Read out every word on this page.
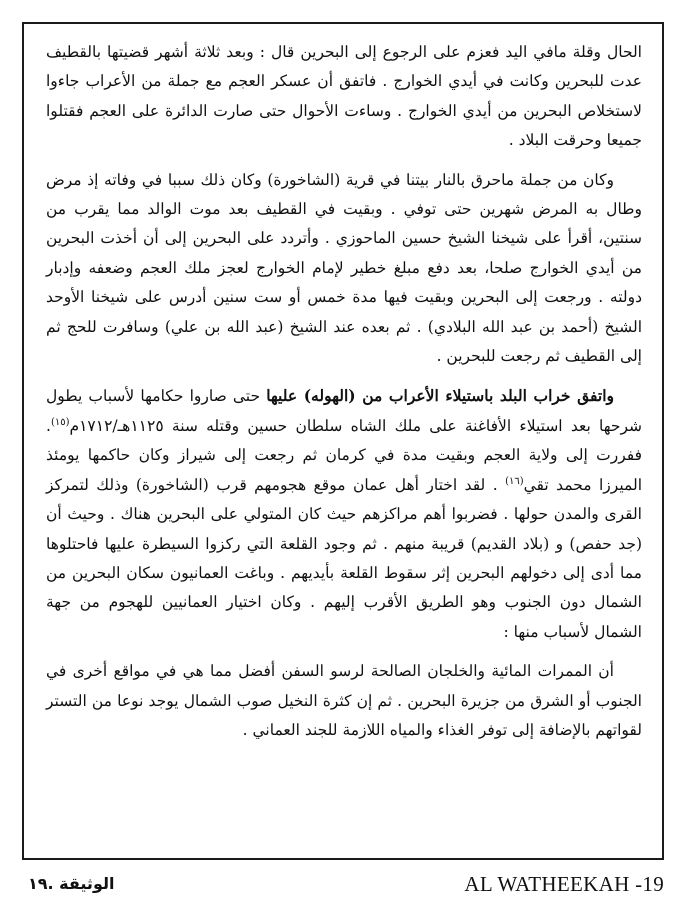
الحال وقلة مافي اليد فعزم على الرجوع إلى البحرين قال : وبعد ثلاثة أشهر قضيتها بالقطيف عدت للبحرين وكانت في أيدي الخوارج . فاتفق أن عسكر العجم مع جملة من الأعراب جاءوا لاستخلاص البحرين من أيدي الخوارج . وساءت الأحوال حتى صارت الدائرة على العجم فقتلوا جميعا وحرقت البلاد .

وكان من جملة ماحرق بالنار بيتنا في قرية (الشاخورة) وكان ذلك سببا في وفاته إذ مرض وطال به المرض شهرين حتى توفي . وبقيت في القطيف بعد موت الوالد مما يقرب من سنتين، أقرأ على شيخنا الشيخ حسين الماحوزي . وأتردد على البحرين إلى أن أخذت البحرين من أيدي الخوارج صلحا، بعد دفع مبلغ خطير لإمام الخوارج لعجز ملك العجم وضعفه وإدبار دولته . ورجعت إلى البحرين وبقيت فيها مدة خمس أو ست سنين أدرس على شيخنا الأوحد الشيخ (أحمد بن عبد الله البلادي) . ثم بعده عند الشيخ (عبد الله بن علي) وسافرت للحج ثم إلى القطيف ثم رجعت للبحرين .

واتفق خراب البلد باستيلاء الأعراب من (الهوله) عليها حتى صاروا حكامها لأسباب يطول شرحها بعد استيلاء الأفاغنة على ملك الشاه سلطان حسين وقتله سنة ١١٢٥هـ/١٧١٢م$^{(١٥)}$. ففررت إلى ولاية العجم وبقيت مدة في كرمان ثم رجعت إلى شيراز وكان حاكمها يومئذ الميرزا محمد تقي$^{(١٦)}$ . لقد اختار أهل عمان موقع هجومهم قرب (الشاخورة) وذلك لتمركز القرى والمدن حولها . فضربوا أهم مراكزهم حيث كان المتولي على البحرين هناك . وحيث أن (جد حفص) و (بلاد القديم) قريبة منهم . ثم وجود القلعة التي ركزوا السيطرة عليها فاحتلوها مما أدى إلى دخولهم البحرين إثر سقوط القلعة بأيديهم . وباغت العمانيون سكان البحرين من الشمال دون الجنوب وهو الطريق الأقرب إليهم . وكان اختيار العمانيين للهجوم من جهة الشمال لأسباب منها :

أن الممرات المائية والخلجان الصالحة لرسو السفن أفضل مما هي في مواقع أخرى في الجنوب أو الشرق من جزيرة البحرين . ثم إن كثرة النخيل صوب الشمال يوجد نوعا من التستر لقواتهم بالإضافة إلى توفر الغذاء والمياه اللازمة للجند العماني .

الوثيقة .١٩	AL WATHEEKAH -19
